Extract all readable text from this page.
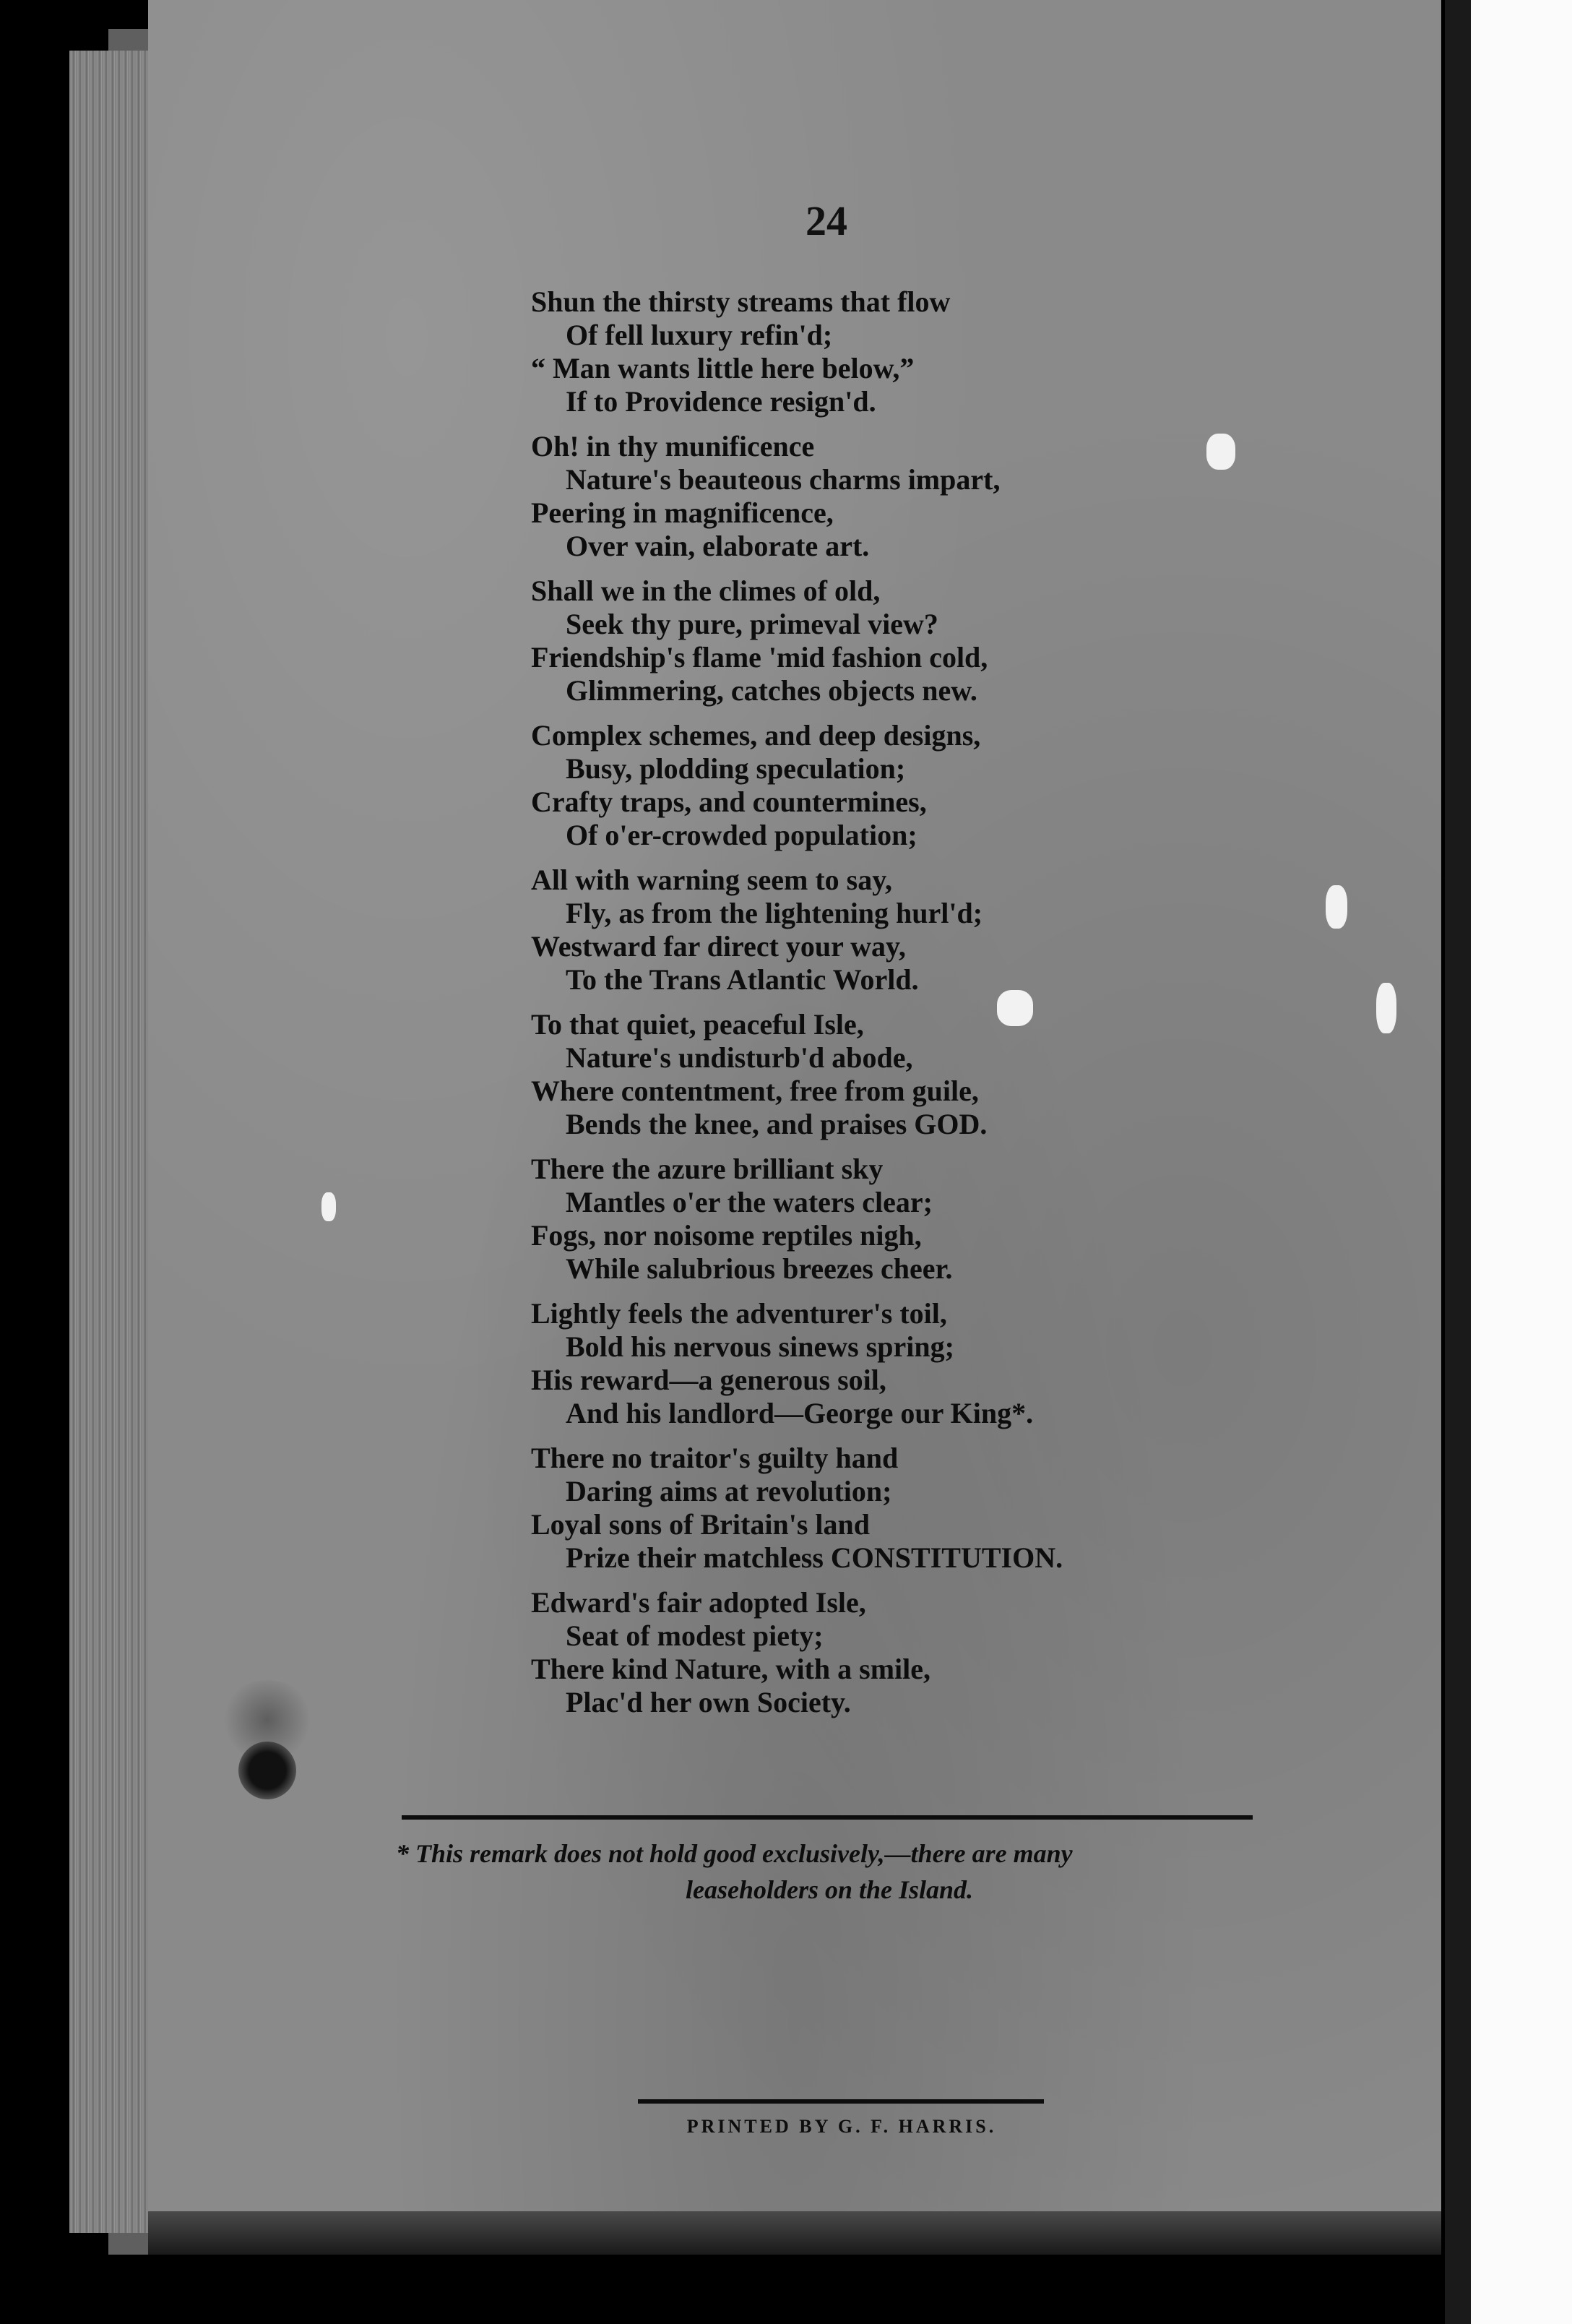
24
Shun the thirsty streams that flow
Of fell luxury refin'd;
“ Man wants little here below,”
If to Providence resign'd.
Oh! in thy munificence
Nature's beauteous charms impart,
Peering in magnificence,
Over vain, elaborate art.
Shall we in the climes of old,
Seek thy pure, primeval view?
Friendship's flame 'mid fashion cold,
Glimmering, catches objects new.
Complex schemes, and deep designs,
Busy, plodding speculation;
Crafty traps, and countermines,
Of o'er-crowded population;
All with warning seem to say,
Fly, as from the lightening hurl'd;
Westward far direct your way,
To the Trans Atlantic World.
To that quiet, peaceful Isle,
Nature's undisturb'd abode,
Where contentment, free from guile,
Bends the knee, and praises GOD.
There the azure brilliant sky
Mantles o'er the waters clear;
Fogs, nor noisome reptiles nigh,
While salubrious breezes cheer.
Lightly feels the adventurer's toil,
Bold his nervous sinews spring;
His reward—a generous soil,
And his landlord—George our King*.
There no traitor's guilty hand
Daring aims at revolution;
Loyal sons of Britain's land
Prize their matchless CONSTITUTION.
Edward's fair adopted Isle,
Seat of modest piety;
There kind Nature, with a smile,
Plac'd her own Society.
* This remark does not hold good exclusively,—there are many
leaseholders on the Island.
PRINTED BY G. F. HARRIS.
